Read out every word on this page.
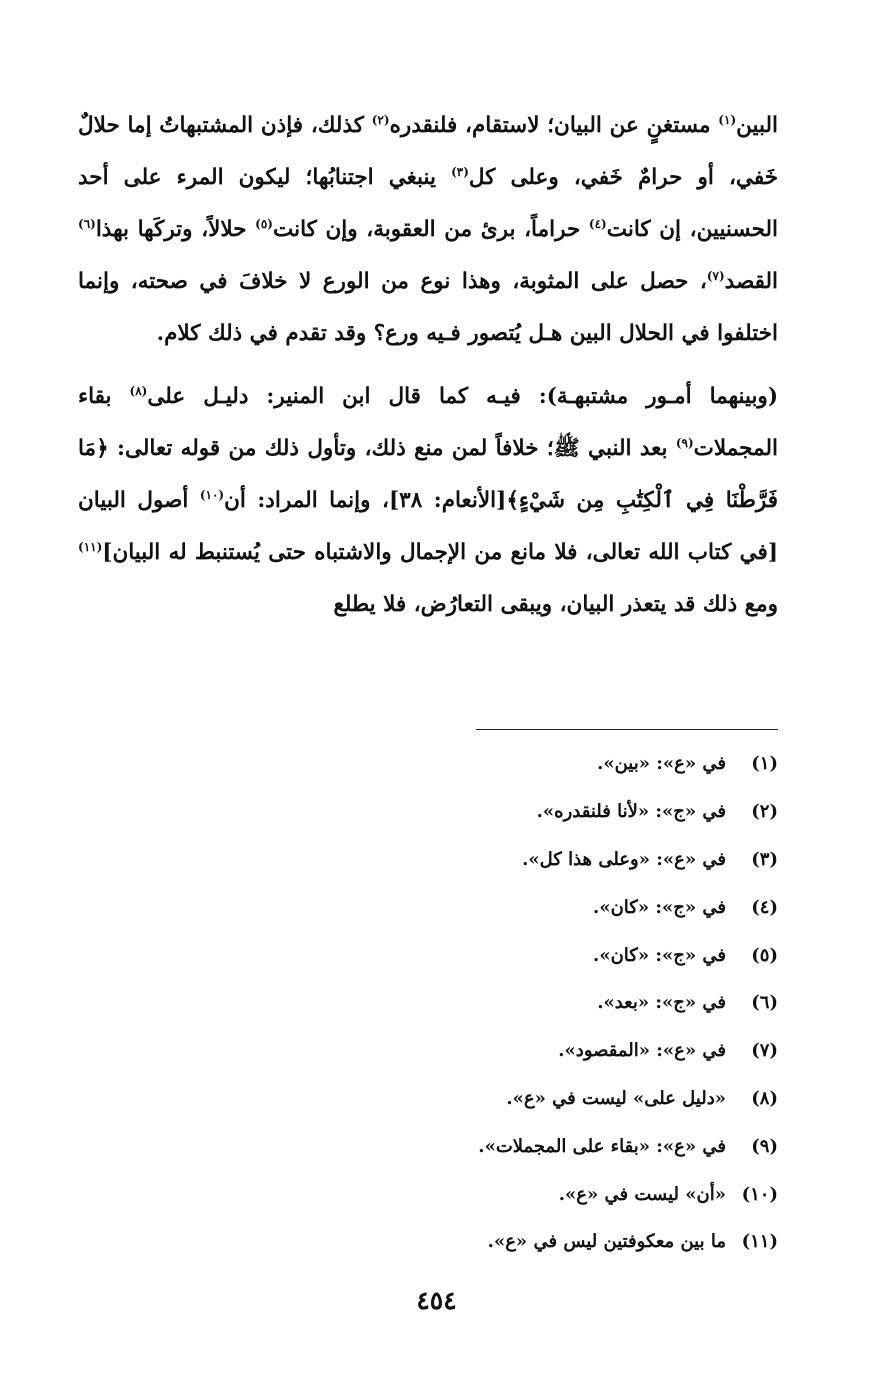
البين$^{(١)}$ مستغنٍ عن البيان؛ لاستقام، فلنقدره$^{(٢)}$ كذلك، فإذن المشتبهاتُ إما حلالٌ خَفي، أو حرامٌ خَفي، وعلى كل$^{(٣)}$ ينبغي اجتنابُها؛ ليكون المرء على أحد الحسنيين، إن كانت$^{(٤)}$ حراماً، برئ من العقوبة، وإن كانت$^{(٥)}$ حلالاً، وتركَها بهذا$^{(٦)}$ القصد$^{(٧)}$، حصل على المثوبة، وهذا نوع من الورع لا خلافَ في صحته، وإنما اختلفوا في الحلال البين هـل يُتصور فـيه ورع؟ وقد تقدم في ذلك كلام.

(وبينهما أمـور مشتبهـة): فيـه كما قال ابن المنير: دليـل على$^{(٨)}$ بقاء المجملات$^{(٩)}$ بعد النبي ﷺ؛ خلافاً لمن منع ذلك، وتأول ذلك من قوله تعالى: ﴿مَا فَرَّطْنَا فِي ٱلْكِتَٰبِ مِن شَيْءٍ﴾[الأنعام: ٣٨]، وإنما المراد: أن$^{(١٠)}$ أصول البيان [في كتاب الله تعالى، فلا مانع من الإجمال والاشتباه حتى يُستنبط له البيان]$^{(١١)}$ ومع ذلك قد يتعذر البيان، ويبقى التعارُض، فلا يطلع

(١)
في «ع»: «بين».
(٢)
في «ج»: «لأنا فلنقدره».
(٣)
في «ع»: «وعلى هذا كل».
(٤)
في «ج»: «كان».
(٥)
في «ج»: «كان».
(٦)
في «ج»: «بعد».
(٧)
في «ع»: «المقصود».
(٨)
«دليل على» ليست في «ع».
(٩)
في «ع»: «بقاء على المجملات».
(١٠)
«أن» ليست في «ع».
(١١)
ما بين معكوفتين ليس في «ع».
٤٥٤
